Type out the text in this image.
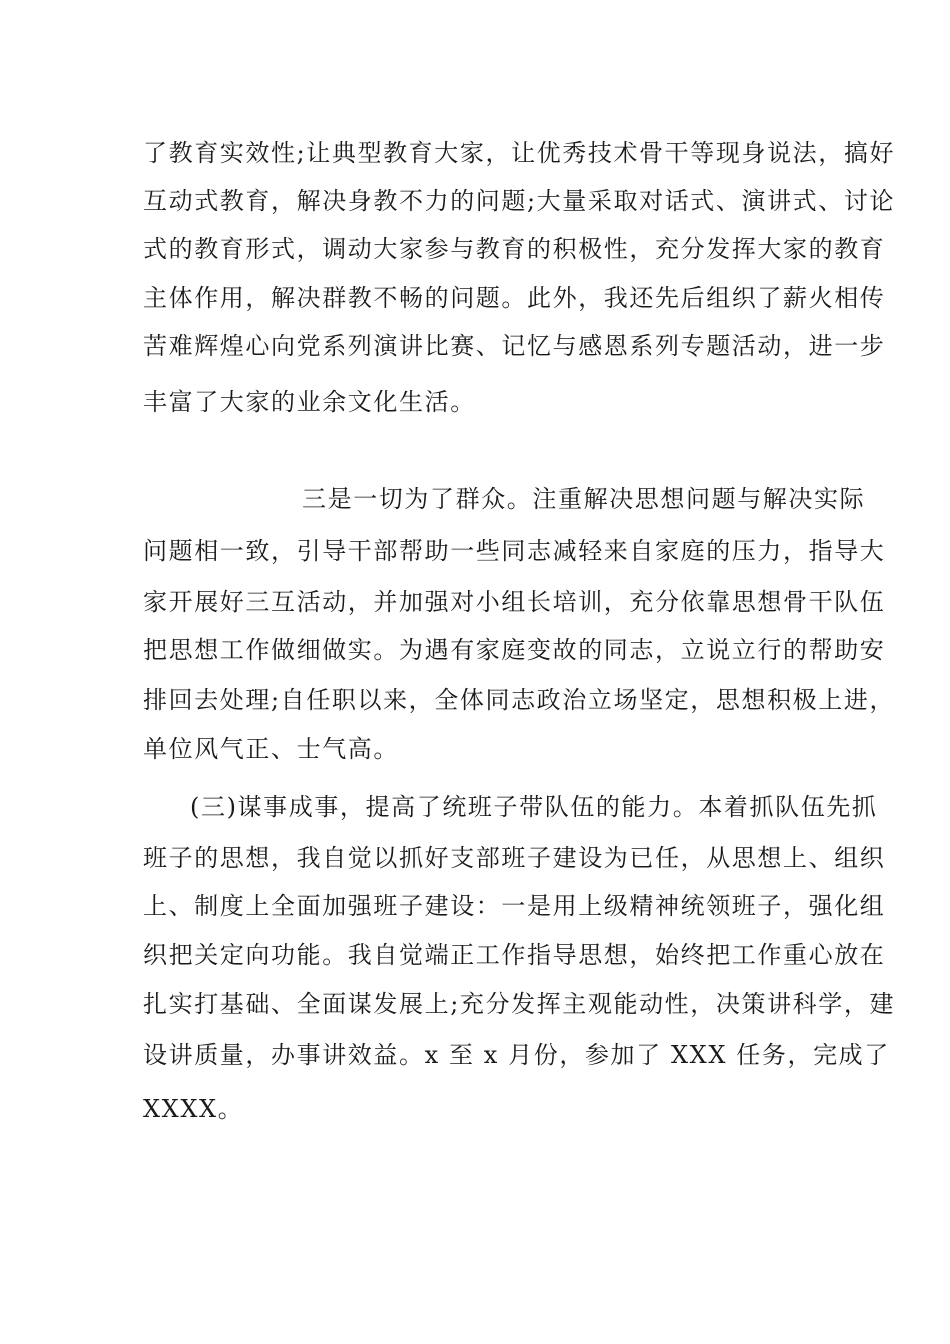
了教育实效性;让典型教育大家，让优秀技术骨干等现身说法，搞好
互动式教育，解决身教不力的问题;大量采取对话式、演讲式、讨论
式的教育形式，调动大家参与教育的积极性，充分发挥大家的教育
主体作用，解决群教不畅的问题。此外，我还先后组织了薪火相传
苦难辉煌心向党系列演讲比赛、记忆与感恩系列专题活动，进一步
丰富了大家的业余文化生活。
三是一切为了群众。注重解决思想问题与解决实际
问题相一致，引导干部帮助一些同志减轻来自家庭的压力，指导大
家开展好三互活动，并加强对小组长培训，充分依靠思想骨干队伍
把思想工作做细做实。为遇有家庭变故的同志，立说立行的帮助安
排回去处理;自任职以来，全体同志政治立场坚定，思想积极上进，
单位风气正、士气高。
(三)谋事成事，提高了统班子带队伍的能力。本着抓队伍先抓
班子的思想，我自觉以抓好支部班子建设为已任，从思想上、组织
上、制度上全面加强班子建设：一是用上级精神统领班子，强化组
织把关定向功能。我自觉端正工作指导思想，始终把工作重心放在
扎实打基础、全面谋发展上;充分发挥主观能动性，决策讲科学，建
设讲质量，办事讲效益。x 至 x 月份，参加了 XXX 任务，完成了
XXXX。
